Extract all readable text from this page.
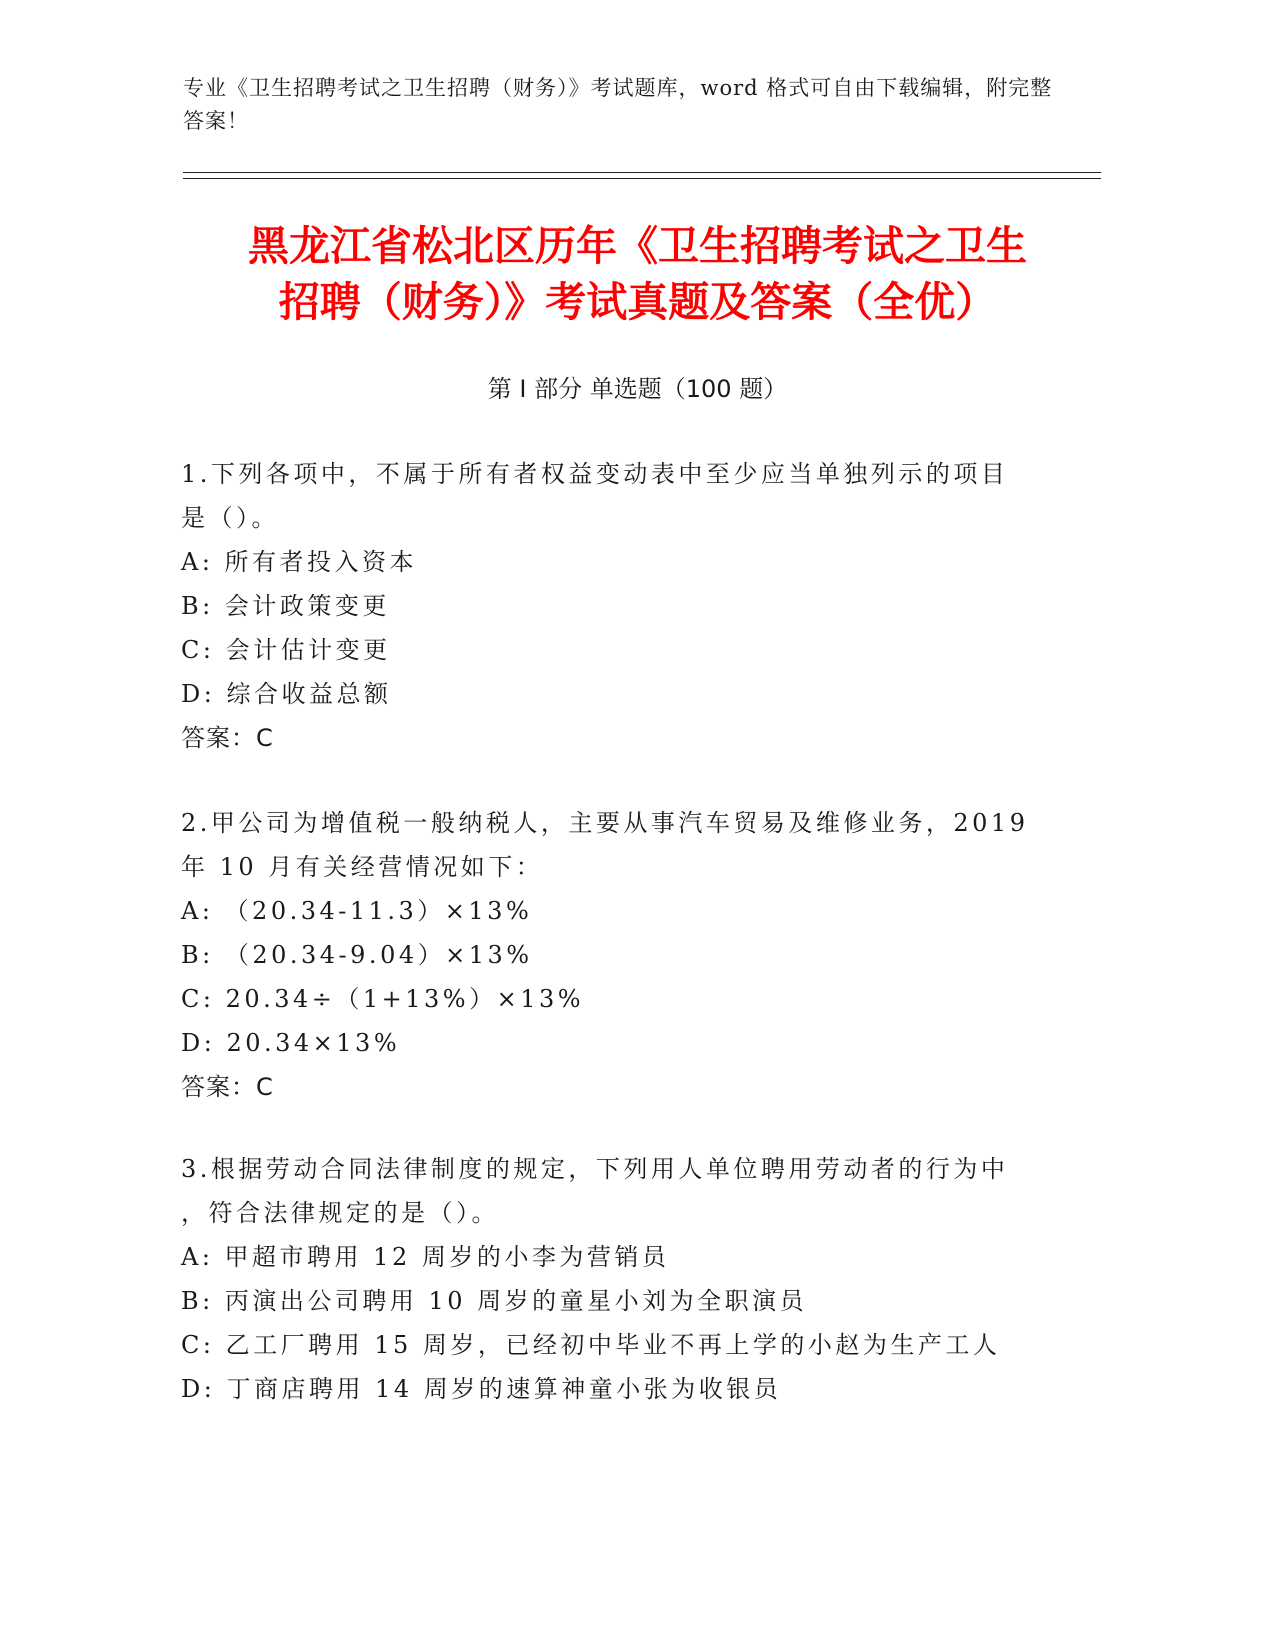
专业《卫生招聘考试之卫生招聘（财务）》考试题库，word 格式可自由下载编辑，附完整答案！
黑龙江省松北区历年《卫生招聘考试之卫生
招聘（财务）》考试真题及答案（全优）
第 I 部分 单选题（100 题）

1.下列各项中，不属于所有者权益变动表中至少应当单独列示的项目

是（）。

A: 所有者投入资本

B: 会计政策变更

C: 会计估计变更

D: 综合收益总额

答案：C

2.甲公司为增值税一般纳税人，主要从事汽车贸易及维修业务，2019

年 10 月有关经营情况如下：

A: （20.34-11.3）×13%

B: （20.34-9.04）×13%

C: 20.34÷（1+13%）×13%

D: 20.34×13%

答案：C

3.根据劳动合同法律制度的规定，下列用人单位聘用劳动者的行为中

，符合法律规定的是（）。

A: 甲超市聘用 12 周岁的小李为营销员

B: 丙演出公司聘用 10 周岁的童星小刘为全职演员

C: 乙工厂聘用 15 周岁，已经初中毕业不再上学的小赵为生产工人

D: 丁商店聘用 14 周岁的速算神童小张为收银员
